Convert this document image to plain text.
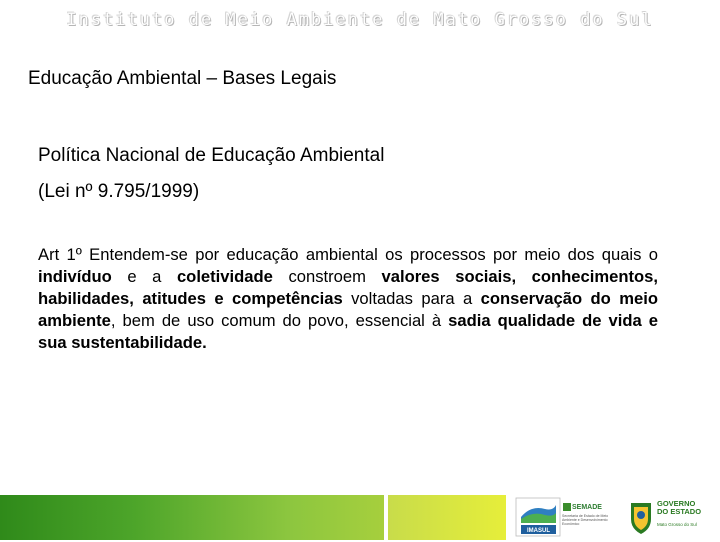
Instituto de Meio Ambiente de Mato Grosso do Sul
Educação Ambiental – Bases Legais
Política Nacional de Educação Ambiental
(Lei nº 9.795/1999)
Art 1º Entendem-se por educação ambiental os processos por meio dos quais o indivíduo e a coletividade constroem valores sociais, conhecimentos, habilidades, atitudes e competências voltadas para a conservação do meio ambiente, bem de uso comum do povo, essencial à sadia qualidade de vida e sua sustentabilidade.
IMASUL
SEMADE
Secretaria de Estado de Meio Ambiente e Desenvolvimento Econômico
GOVERNO
DO ESTADO
Mato Grosso do Sul
